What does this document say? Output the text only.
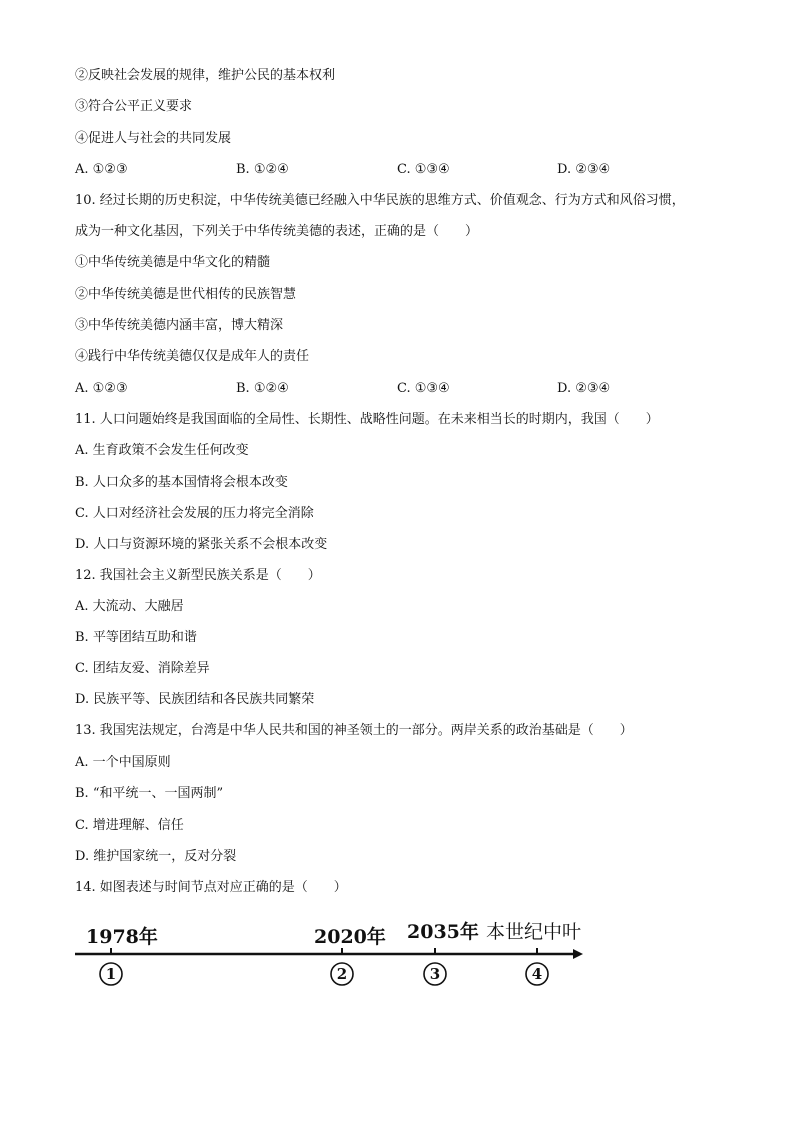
②反映社会发展的规律，维护公民的基本权利
③符合公平正义要求
④促进人与社会的共同发展
A. ①②③	B. ①②④	C. ①③④	D. ②③④
10. 经过长期的历史积淀，中华传统美德已经融入中华民族的思维方式、价值观念、行为方式和风俗习惯，
成为一种文化基因，下列关于中华传统美德的表述，正确的是（　　）
①中华传统美德是中华文化的精髓
②中华传统美德是世代相传的民族智慧
③中华传统美德内涵丰富，博大精深
④践行中华传统美德仅仅是成年人的责任
A. ①②③	B. ①②④	C. ①③④	D. ②③④
11. 人口问题始终是我国面临的全局性、长期性、战略性问题。在未来相当长的时期内，我国（　　）
A. 生育政策不会发生任何改变
B. 人口众多的基本国情将会根本改变
C. 人口对经济社会发展的压力将完全消除
D. 人口与资源环境的紧张关系不会根本改变
12. 我国社会主义新型民族关系是（　　）
A. 大流动、大融居
B. 平等团结互助和谐
C. 团结友爱、消除差异
D. 民族平等、民族团结和各民族共同繁荣
13. 我国宪法规定，台湾是中华人民共和国的神圣领土的一部分。两岸关系的政治基础是（　　）
A. 一个中国原则
B. “和平统一、一国两制”
C. 增进理解、信任
D. 维护国家统一，反对分裂
14. 如图表述与时间节点对应正确的是（　　）
1978年	2020年 2035年 本世纪中叶
1	2	3	4
